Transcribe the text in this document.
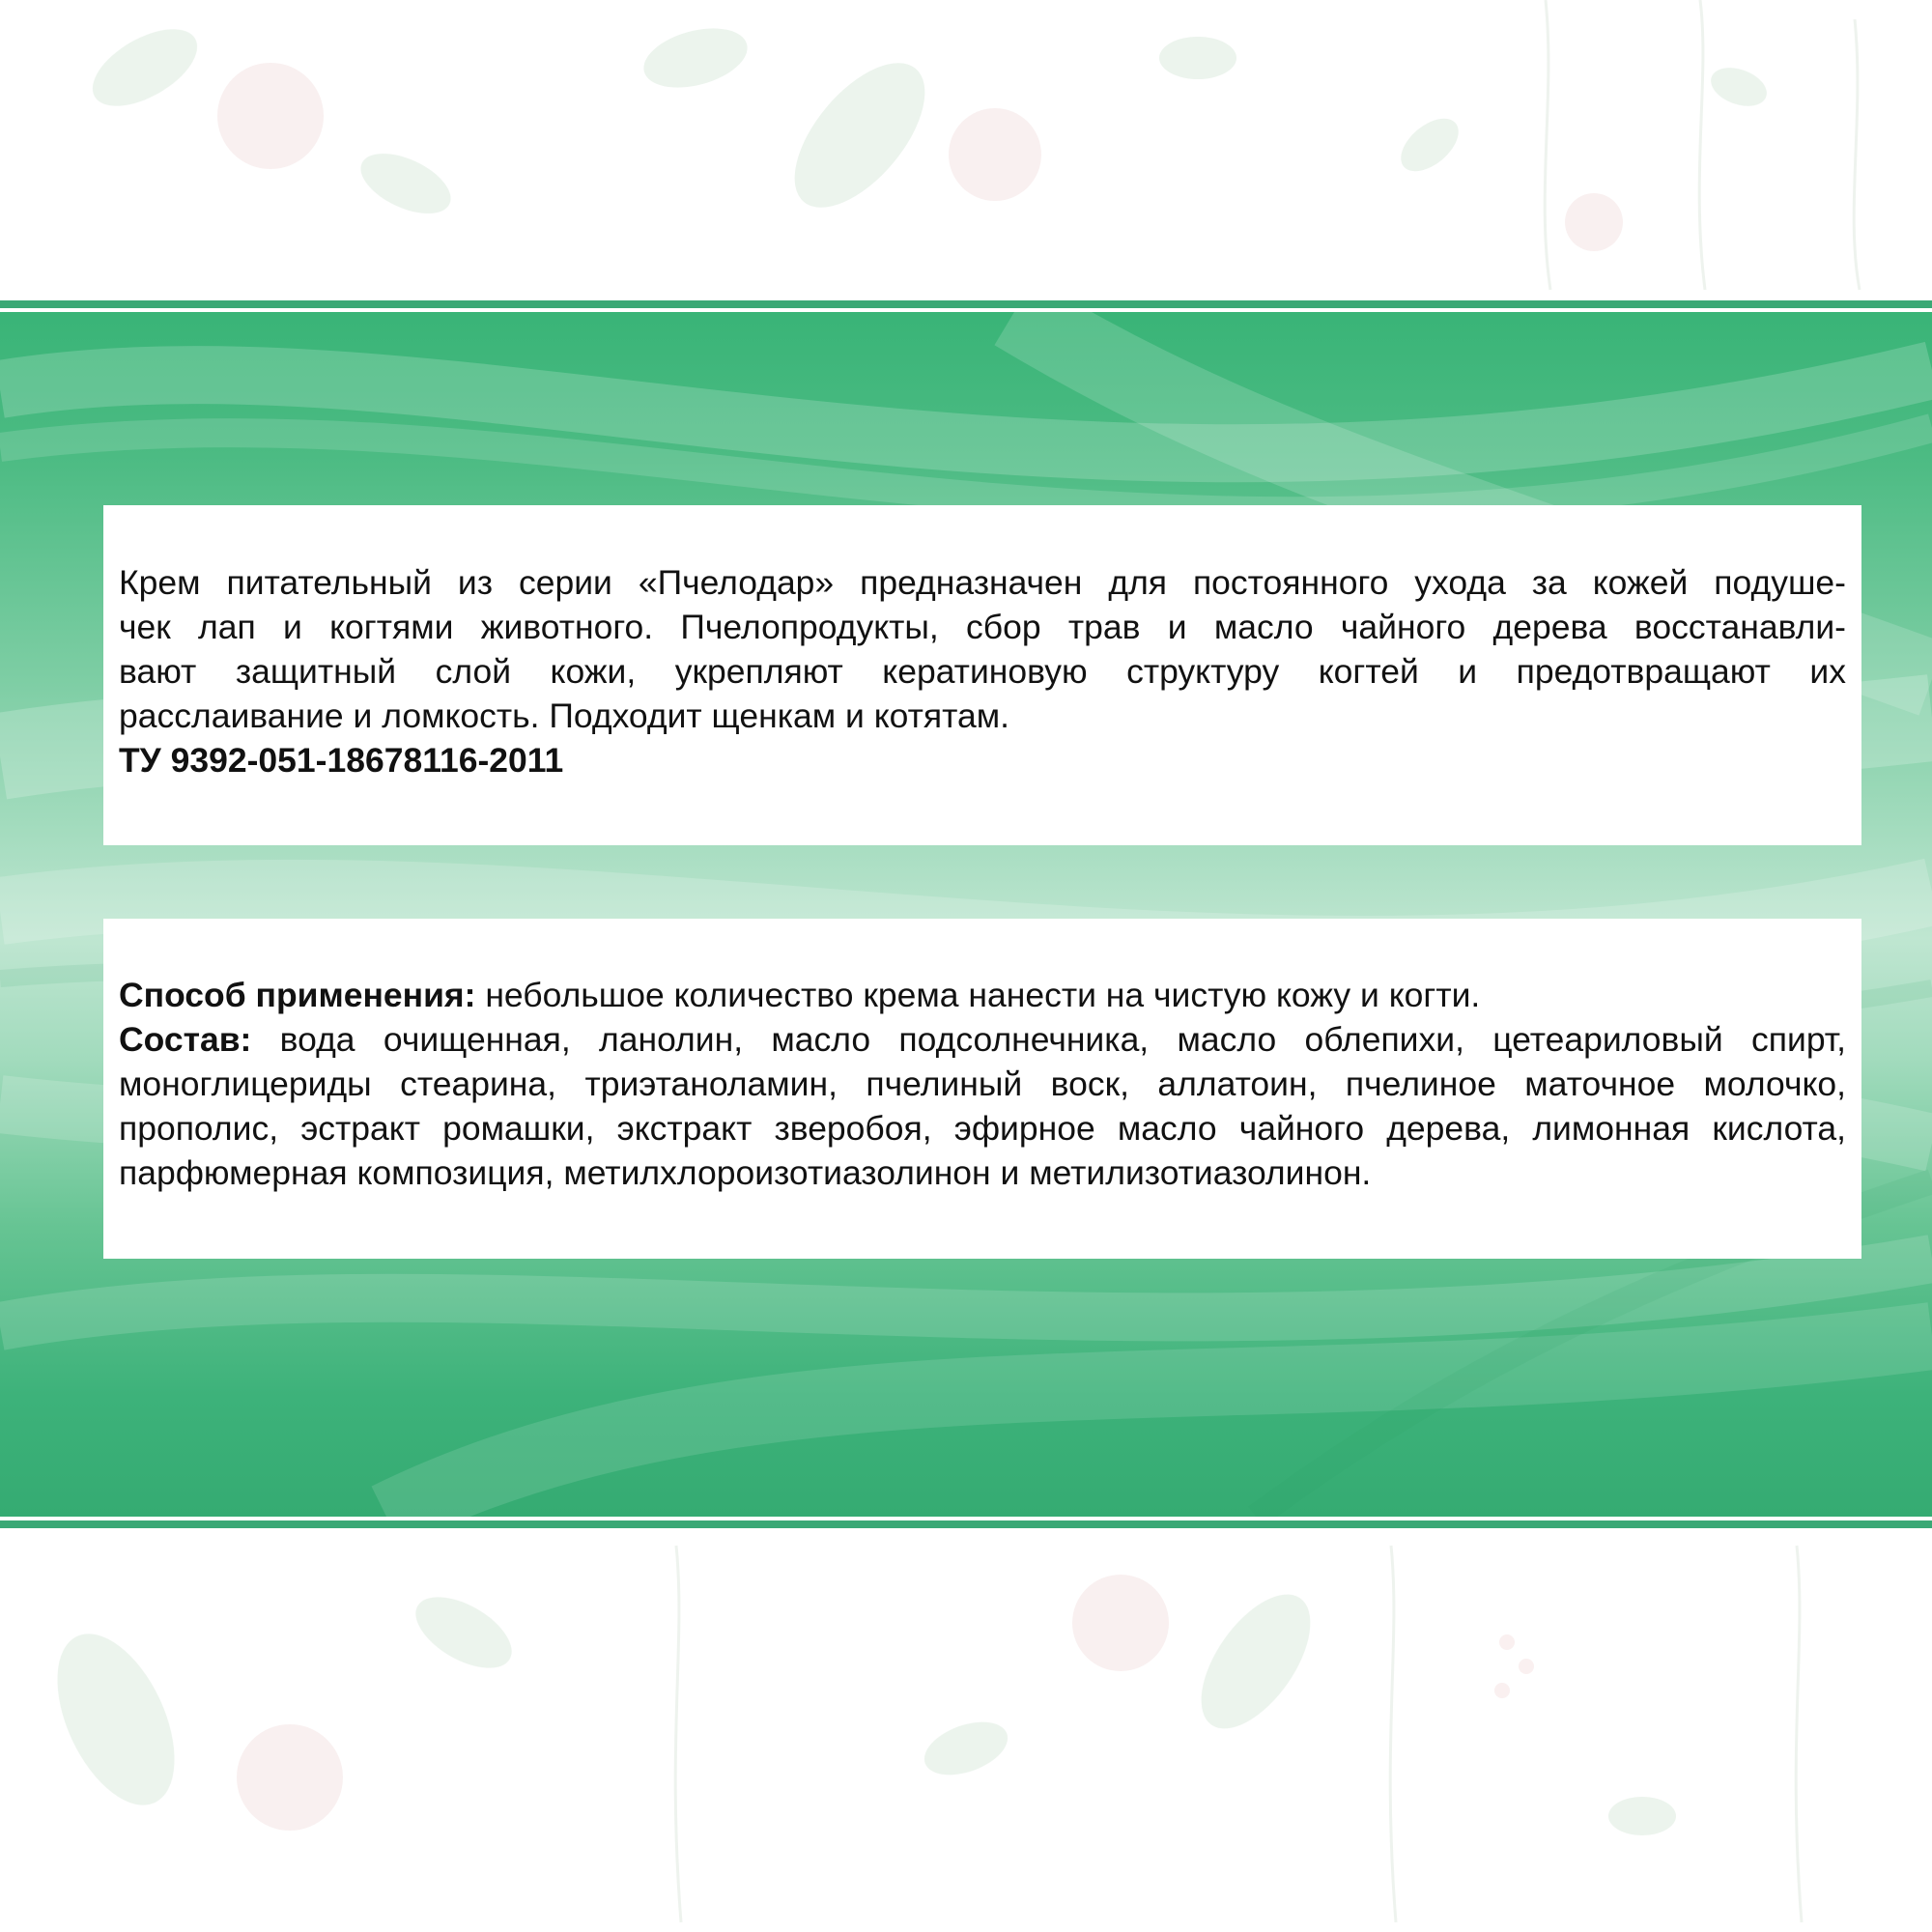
Крем питательный из серии «Пчелодар» предназначен для постоянного ухода за кожей подуше-
чек лап и когтями животного. Пчелопродукты, сбор трав и масло чайного дерева восстанавли-
вают защитный слой кожи, укрепляют кератиновую структуру когтей и предотвращают их
расслаивание и ломкость. Подходит щенкам и котятам.
ТУ 9392-051-18678116-2011

Способ применения: небольшое количество крема нанести на чистую кожу и когти.
Состав: вода очищенная, ланолин, масло подсолнечника, масло облепихи, цетеариловый спирт,
моноглицериды стеарина, триэтаноламин, пчелиный воск, аллатоин, пчелиное маточное молочко,
прополис, эстракт ромашки, экстракт зверобоя, эфирное масло чайного дерева, лимонная кислота,
парфюмерная композиция, метилхлороизотиазолинон и метилизотиазолинон.
